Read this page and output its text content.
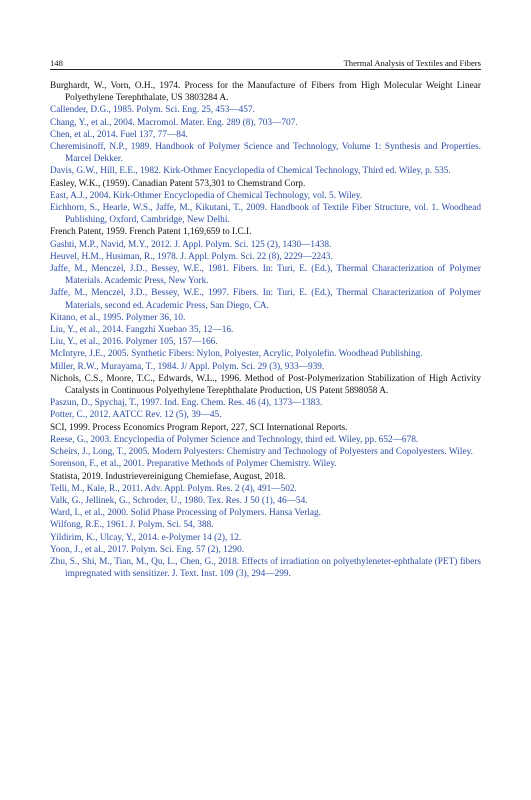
148	Thermal Analysis of Textiles and Fibers

Burghardt, W., Vorn, O.H., 1974. Process for the Manufacture of Fibers from High Molecular Weight Linear Polyethylene Terephthalate, US 3803284 A.

Callender, D.G., 1985. Polym. Sci. Eng. 25, 453—457.

Chang, Y., et al., 2004. Macromol. Mater. Eng. 289 (8), 703—707.

Chen, et al., 2014. Fuel 137, 77—84.

Cheremisinoff, N.P., 1989. Handbook of Polymer Science and Technology, Volume 1: Synthesis and Properties. Marcel Dekker.

Davis, G.W., Hill, E.E., 1982. Kirk-Othmer Encyclopedia of Chemical Technology, Third ed. Wiley, p. 535.

Easley, W.K., (1959). Canadian Patent 573,301 to Chemstrand Corp.

East, A.J., 2004. Kirk-Othmer Encyclopedia of Chemical Technology, vol. 5. Wiley.

Eichhorn, S., Hearle, W.S., Jaffe, M., Kikutani, T., 2009. Handbook of Textile Fiber Structure, vol. 1. Woodhead Publishing, Oxford, Cambridge, New Delhi.

French Patent, 1959. French Patent 1,169,659 to I.C.I.

Gashti, M.P., Navid, M.Y., 2012. J. Appl. Polym. Sci. 125 (2), 1430—1438.

Heuvel, H.M., Husiman, R., 1978. J. Appl. Polym. Sci. 22 (8), 2229—2243.

Jaffe, M., Menczel, J.D., Bessey, W.E., 1981. Fibers. In: Turi, E. (Ed.), Thermal Characterization of Polymer Materials. Academic Press, New York.

Jaffe, M., Menczel, J.D., Bessey, W.E., 1997. Fibers. In: Turi, E. (Ed.), Thermal Characterization of Polymer Materials, second ed. Academic Press, San Diego, CA.

Kitano, et al., 1995. Polymer 36, 10.

Liu, Y., et al., 2014. Fangzhi Xuebao 35, 12—16.

Liu, Y., et al., 2016. Polymer 105, 157—166.

McIntyre, J.E., 2005. Synthetic Fibers: Nylon, Polyester, Acrylic, Polyolefin. Woodhead Publishing.

Miller, R.W., Murayama, T., 1984. J/ Appl. Polym. Sci. 29 (3), 933—939.

Nichols, C.S., Moore, T.C., Edwards, W.L., 1996. Method of Post-Polymerization Stabilization of High Activity Catalysts in Continuous Polyethylene Terephthalate Production, US Patent 5898058 A.

Paszun, D., Spychaj, T., 1997. Ind. Eng. Chem. Res. 46 (4), 1373—1383.

Potter, C., 2012. AATCC Rev. 12 (5), 39—45.

SCI, 1999. Process Economics Program Report, 227, SCI International Reports.

Reese, G., 2003. Encyclopedia of Polymer Science and Technology, third ed. Wiley, pp. 652—678.

Scheirs, J., Long, T., 2005. Modern Polyesters: Chemistry and Technology of Polyesters and Copolyesters. Wiley.

Sorenson, F., et al., 2001. Preparative Methods of Polymer Chemistry. Wiley.

Statista, 2019. Industrievereinigung Chemiefase, August, 2018.

Telli, M., Kale, R., 2011. Adv. Appl. Polym. Res. 2 (4), 491—502.

Valk, G., Jellinek, G., Schroder, U., 1980. Tex. Res. J 50 (1), 46—54.

Ward, I., et al., 2000. Solid Phase Processing of Polymers. Hansa Verlag.

Wilfong, R.E., 1961. J. Polym. Sci. 54, 388.

Yildirim, K., Ulcay, Y., 2014. e-Polymer 14 (2), 12.

Yoon, J., et al., 2017. Polym. Sci. Eng. 57 (2), 1290.

Zhu, S., Shi, M., Tian, M., Qu, L., Chen, G., 2018. Effects of irradiation on polyethyleneter-ephthalate (PET) fibers impregnated with sensitizer. J. Text. Inst. 109 (3), 294—299.
